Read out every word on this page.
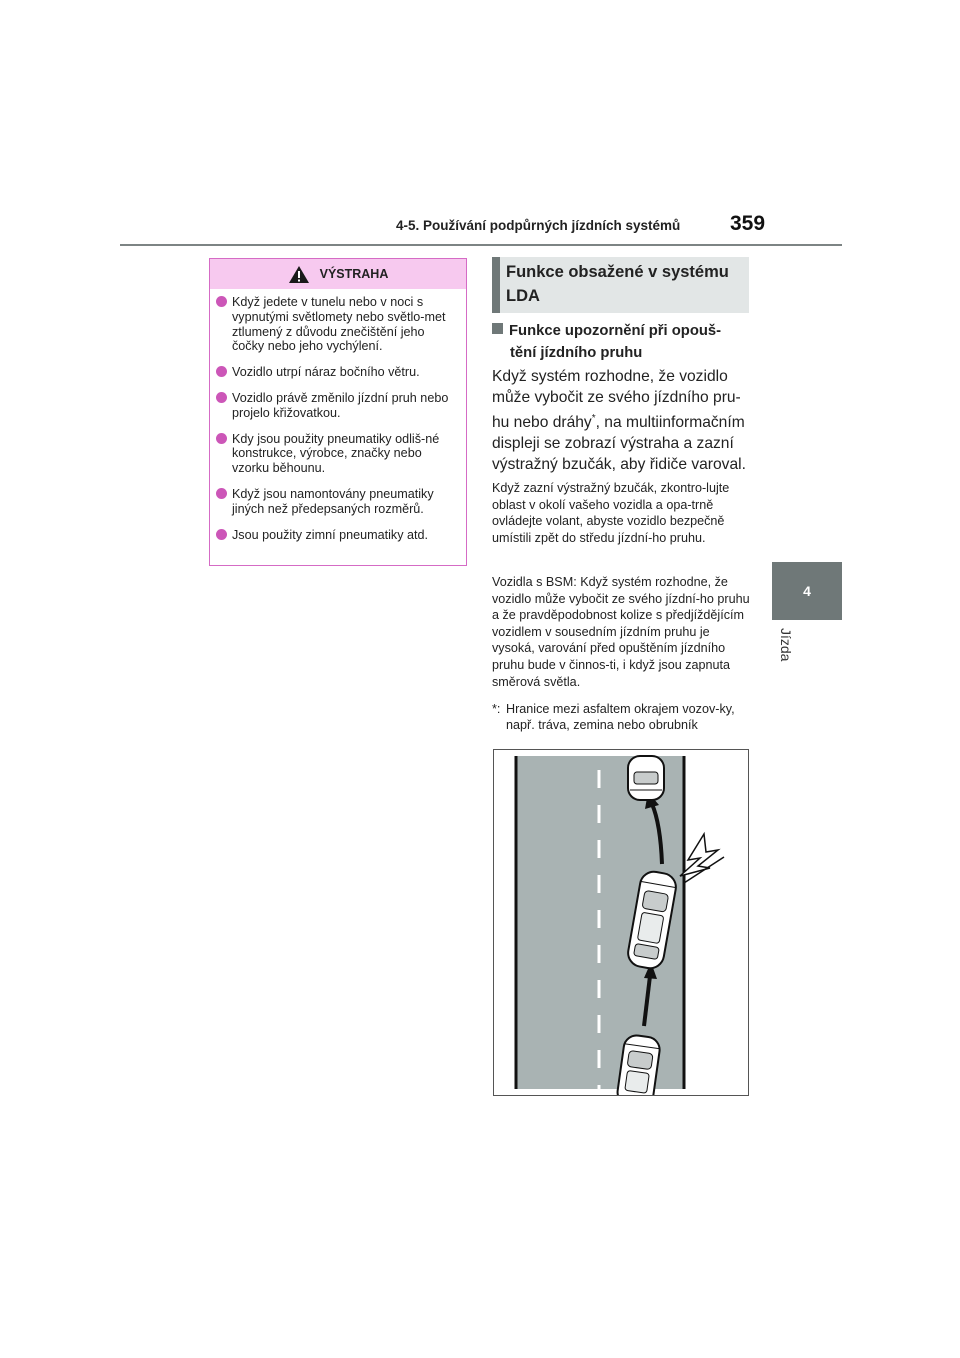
4-5. Používání podpůrných jízdních systémů	359
4
Jízda
VÝSTRAHA
Když jedete v tunelu nebo v noci s vypnutými světlomety nebo světlo-met ztlumený z důvodu znečištění jeho čočky nebo jeho vychýlení.
Vozidlo utrpí náraz bočního větru.
Vozidlo právě změnilo jízdní pruh nebo projelo křižovatkou.
Kdy jsou použity pneumatiky odliš-né konstrukce, výrobce, značky nebo vzorku běhounu.
Když jsou namontovány pneumatiky jiných než předepsaných rozměrů.
Jsou použity zimní pneumatiky atd.
Funkce obsažené v systému LDA
Funkce upozornění při opouš-
tění jízdního pruhu
Když systém rozhodne, že vozidlo může vybočit ze svého jízdního pru-hu nebo dráhy*, na multiinformačním displeji se zobrazí výstraha a zazní výstražný bzučák, aby řidiče varoval.
Když zazní výstražný bzučák, zkontro-lujte oblast v okolí vašeho vozidla a opa-trně ovládejte volant, abyste vozidlo bezpečně umístili zpět do středu jízdní-ho pruhu.
Vozidla s BSM: Když systém rozhodne, že vozidlo může vybočit ze svého jízdní-ho pruhu a že pravděpodobnost kolize s předjíždějícím vozidlem v sousedním jízdním pruhu je vysoká, varování před opuštěním jízdního pruhu bude v činnos-ti, i když jsou zapnuta směrová světla.
*: Hranice mezi asfaltem okrajem vozov-ky, např. tráva, zemina nebo obrubník
